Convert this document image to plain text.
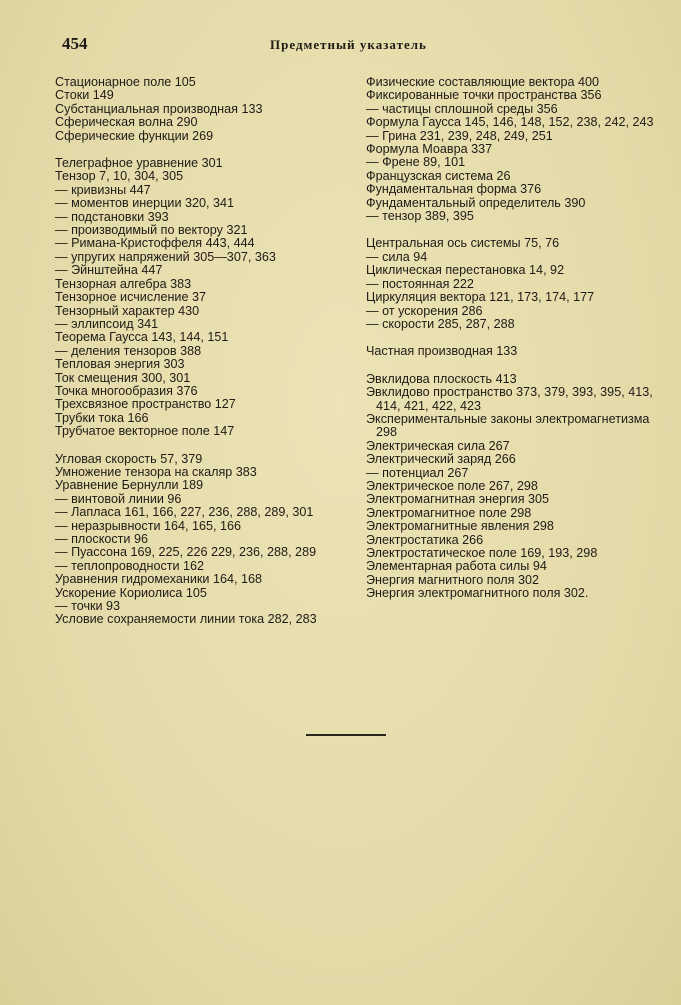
454	Предметный указатель
Стационарное поле 105
Стоки 149
Субстанциальная производная 133
Сферическая волна 290
Сферические функции 269
Телеграфное уравнение 301
Тензор 7, 10, 304, 305
— кривизны 447
— моментов инерции 320, 341
— подстановки 393
— производимый по вектору 321
— Римана-Кристоффеля 443, 444
— упругих напряжений 305—307, 363
— Эйнштейна 447
Тензорная алгебра 383
Тензорное исчисление 37
Тензорный характер 430
— эллипсоид 341
Теорема Гаусса 143, 144, 151
— деления тензоров 388
Тепловая энергия 303
Ток смещения 300, 301
Точка многообразия 376
Трехсвязное пространство 127
Трубки тока 166
Трубчатое векторное поле 147
Угловая скорость 57, 379
Умножение тензора на скаляр 383
Уравнение Бернулли 189
— винтовой линии 96
— Лапласа 161, 166, 227, 236, 288, 289, 301
— неразрывности 164, 165, 166
— плоскости 96
— Пуассона 169, 225, 226 229, 236, 288, 289
— теплопроводности 162
Уравнения гидромеханики 164, 168
Ускорение Кориолиса 105
— точки 93
Условие сохраняемости линии тока 282, 283
Физические составляющие вектора 400
Фиксированные точки пространства 356
— частицы сплошной среды 356
Формула Гаусса 145, 146, 148, 152, 238, 242, 243
— Грина 231, 239, 248, 249, 251
Формула Моавра 337
— Френе 89, 101
Французская система 26
Фундаментальная форма 376
Фундаментальный определитель 390
— тензор 389, 395
Центральная ось системы 75, 76
— сила 94
Циклическая перестановка 14, 92
— постоянная 222
Циркуляция вектора 121, 173, 174, 177
— от ускорения 286
— скорости 285, 287, 288
Частная производная 133
Эвклидова плоскость 413
Эвклидово пространство 373, 379, 393, 395, 413, 414, 421, 422, 423
Экспериментальные законы электромагнетизма 298
Электрическая сила 267
Электрический заряд 266
— потенциал 267
Электрическое поле 267, 298
Электромагнитная энергия 305
Электромагнитное поле 298
Электромагнитные явления 298
Электростатика 266
Электростатическое поле 169, 193, 298
Элементарная работа силы 94
Энергия магнитного поля 302
Энергия электромагнитного поля 302.
